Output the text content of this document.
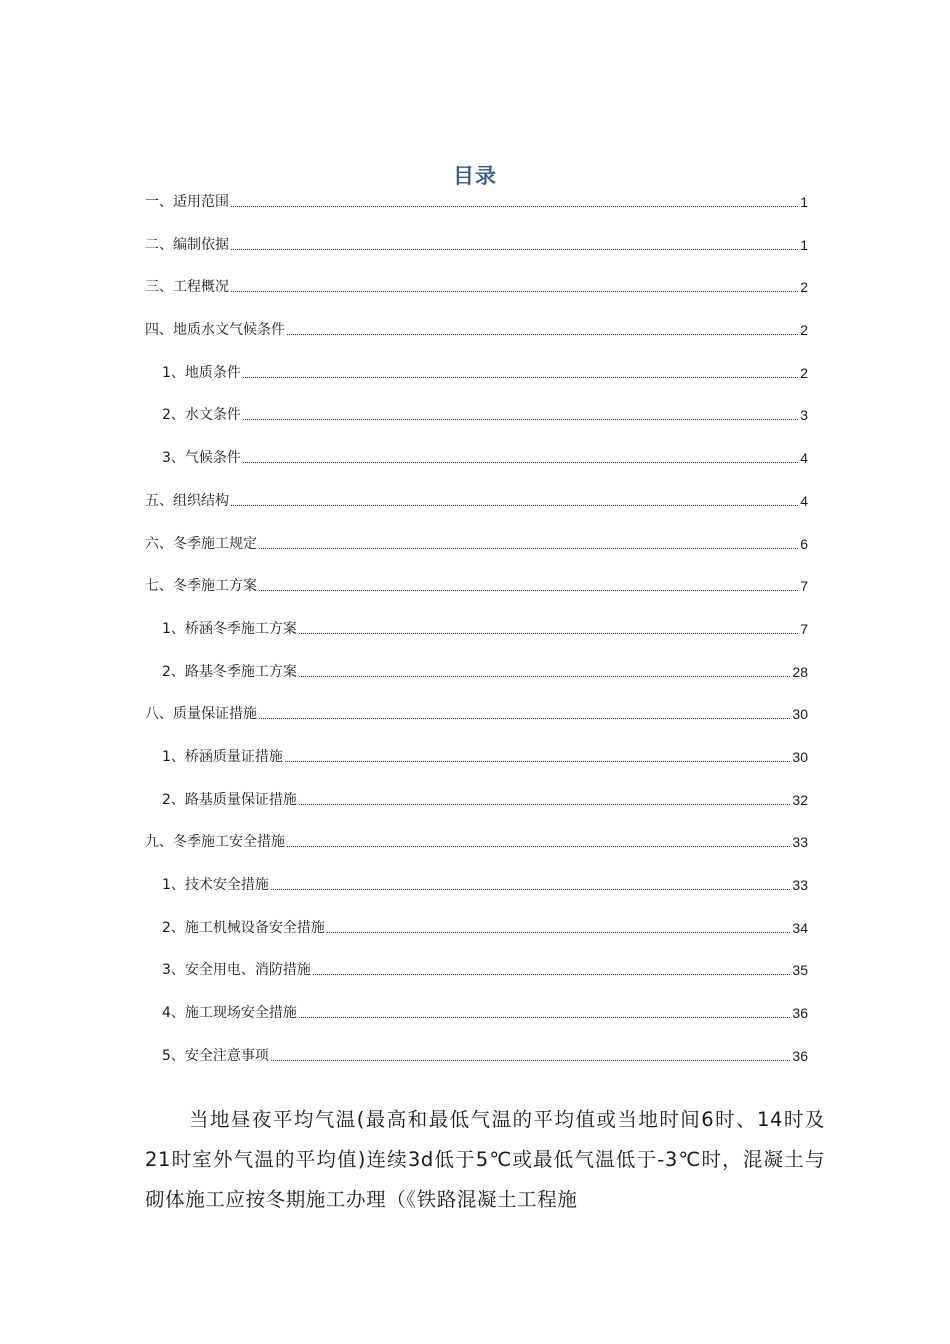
目录
一、适用范围	1
二、编制依据	1
三、工程概况	2
四、地质水文气候条件	2
1、地质条件	2
2、水文条件	3
3、气候条件	4
五、组织结构	4
六、冬季施工规定	6
七、冬季施工方案	7
1、桥涵冬季施工方案	7
2、路基冬季施工方案	28
八、质量保证措施	30
1、桥涵质量证措施	30
2、路基质量保证措施	32
九、冬季施工安全措施	33
1、技术安全措施	33
2、施工机械设备安全措施	34
3、安全用电、消防措施	35
4、施工现场安全措施	36
5、安全注意事项	36

当地昼夜平均气温(最高和最低气温的平均值或当地时间6时、14时及21时室外气温的平均值)连续3d低于5℃或最低气温低于-3℃时，混凝土与砌体施工应按冬期施工办理（《铁路混凝土工程施
